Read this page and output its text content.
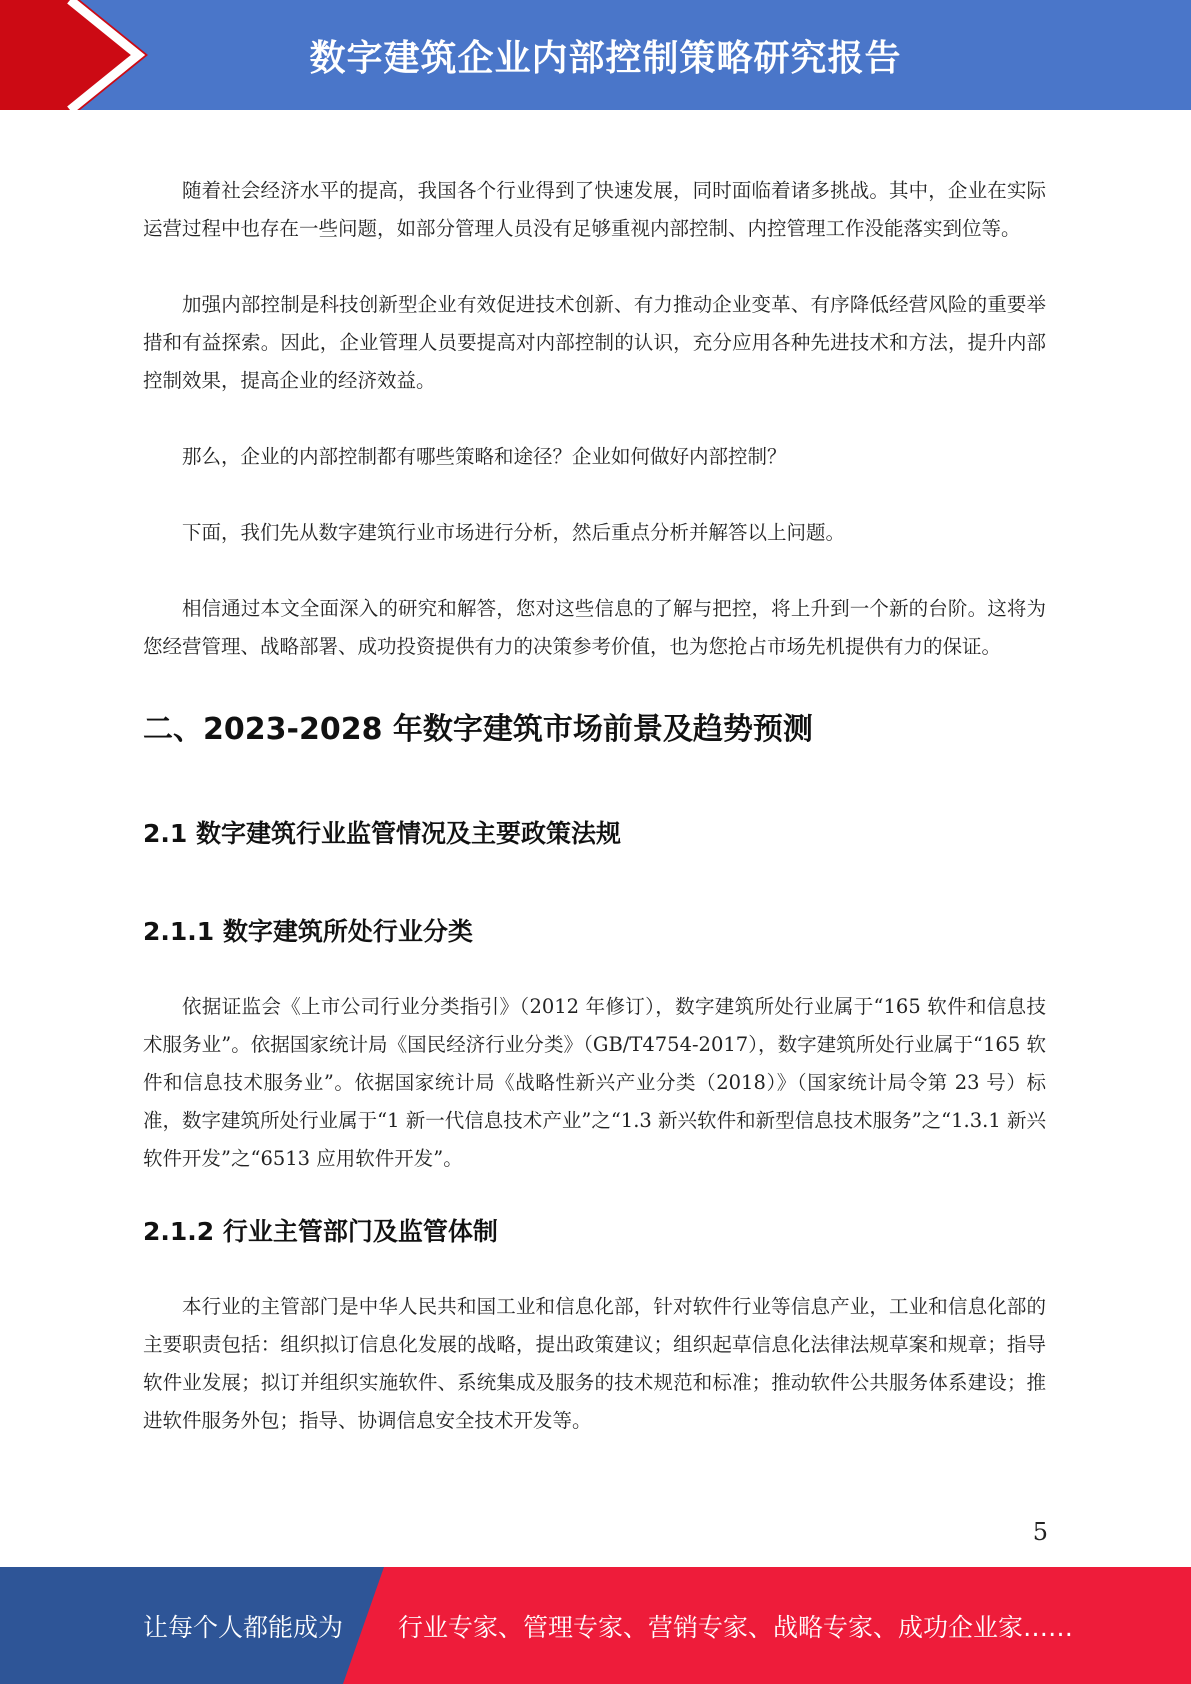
数字建筑企业内部控制策略研究报告

随着社会经济水平的提高，我国各个行业得到了快速发展，同时面临着诸多挑战。其中，企业在实际运营过程中也存在一些问题，如部分管理人员没有足够重视内部控制、内控管理工作没能落实到位等。

加强内部控制是科技创新型企业有效促进技术创新、有力推动企业变革、有序降低经营风险的重要举措和有益探索。因此，企业管理人员要提高对内部控制的认识，充分应用各种先进技术和方法，提升内部控制效果，提高企业的经济效益。

那么，企业的内部控制都有哪些策略和途径？企业如何做好内部控制？

下面，我们先从数字建筑行业市场进行分析，然后重点分析并解答以上问题。

相信通过本文全面深入的研究和解答，您对这些信息的了解与把控，将上升到一个新的台阶。这将为您经营管理、战略部署、成功投资提供有力的决策参考价值，也为您抢占市场先机提供有力的保证。

二、2023-2028 年数字建筑市场前景及趋势预测
2.1 数字建筑行业监管情况及主要政策法规
2.1.1 数字建筑所处行业分类

依据证监会《上市公司行业分类指引》（2012 年修订），数字建筑所处行业属于“165 软件和信息技术服务业”。依据国家统计局《国民经济行业分类》（GB/T4754-2017），数字建筑所处行业属于“165 软件和信息技术服务业”。依据国家统计局《战略性新兴产业分类（2018）》（国家统计局令第 23 号）标准，数字建筑所处行业属于“1 新一代信息技术产业”之“1.3 新兴软件和新型信息技术服务”之“1.3.1 新兴软件开发”之“6513 应用软件开发”。

2.1.2 行业主管部门及监管体制

本行业的主管部门是中华人民共和国工业和信息化部，针对软件行业等信息产业，工业和信息化部的主要职责包括：组织拟订信息化发展的战略，提出政策建议；组织起草信息化法律法规草案和规章；指导软件业发展；拟订并组织实施软件、系统集成及服务的技术规范和标准；推动软件公共服务体系建设；推进软件服务外包；指导、协调信息安全技术开发等。

5
让每个人都能成为 行业专家、管理专家、营销专家、战略专家、成功企业家……
